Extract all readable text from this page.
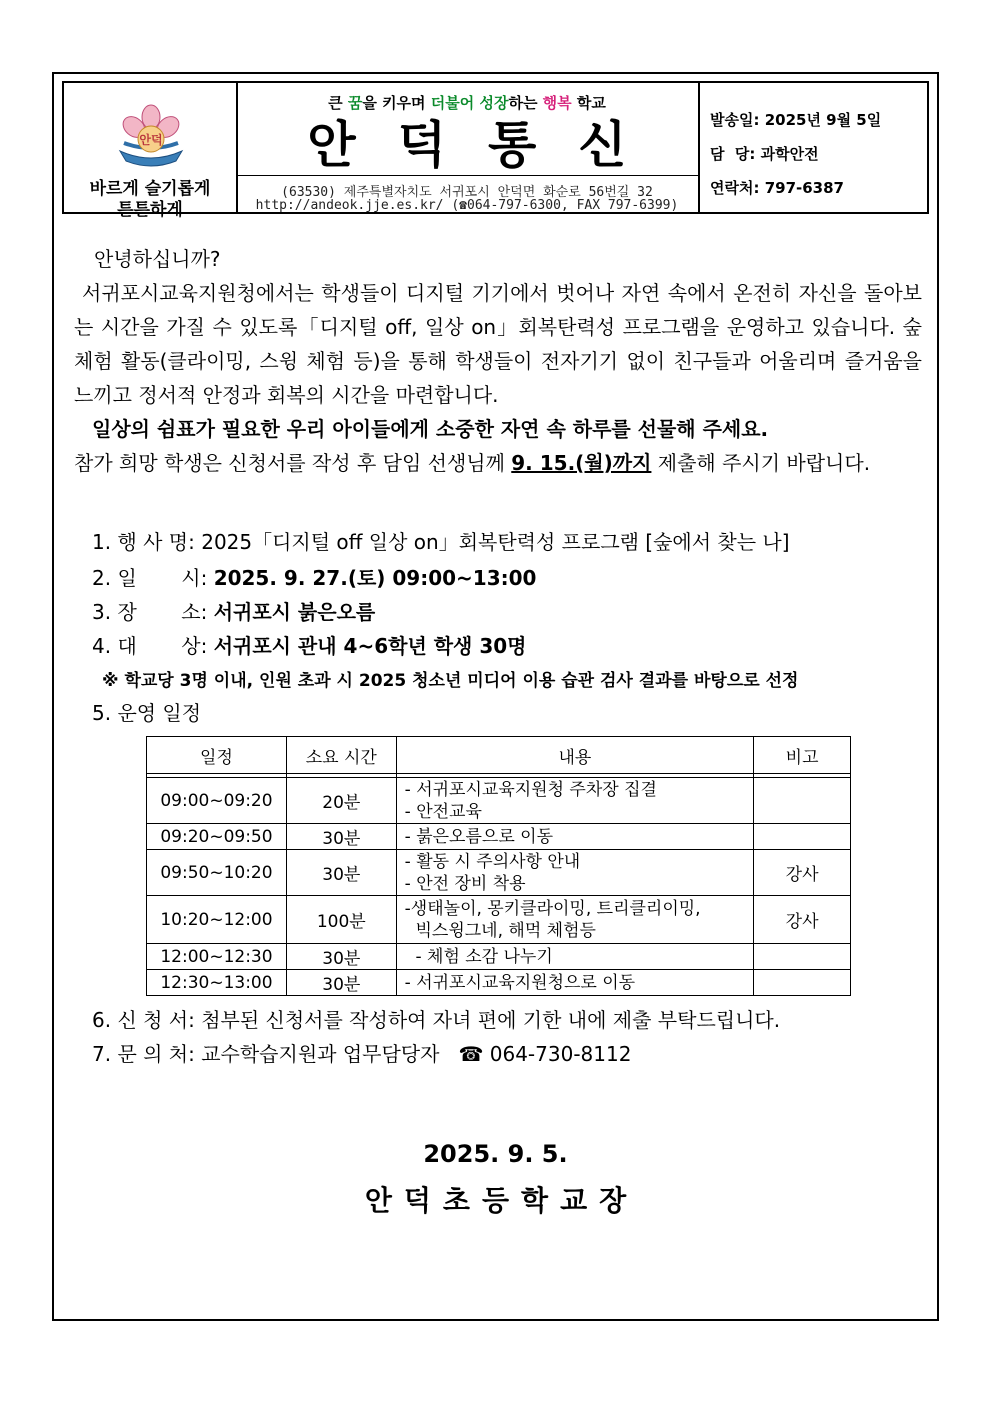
안덕
바르게 슬기롭게
튼튼하게
큰 꿈을 키우며 더불어 성장하는 행복 학교
안덕통신
(63530) 제주특별자치도 서귀포시 안덕면 화순로 56번길 32
http://andeok.jje.es.kr/ (☎064-797-6300, FAX 797-6399)
발송일: 2025년 9월 5일
담  당: 과학안전
연락처: 797-6387
안녕하십니까?
서귀포시교육지원청에서는 학생들이 디지털 기기에서 벗어나 자연 속에서 온전히 자신을 돌아보는 시간을 가질 수 있도록「디지털 off, 일상 on」회복탄력성 프로그램을 운영하고 있습니다. 숲 체험 활동(클라이밍, 스윙 체험 등)을 통해 학생들이 전자기기 없이 친구들과 어울리며 즐거움을 느끼고 정서적 안정과 회복의 시간을 마련합니다.
일상의 쉼표가 필요한 우리 아이들에게 소중한 자연 속 하루를 선물해 주세요.
참가 희망 학생은 신청서를 작성 후 담임 선생님께 9. 15.(월)까지 제출해 주시기 바랍니다.
1. 행 사 명: 2025「디지털 off 일상 on」회복탄력성 프로그램 [숲에서 찾는 나]
2. 일       시: 2025. 9. 27.(토) 09:00~13:00
3. 장       소: 서귀포시 붉은오름
4. 대       상: 서귀포시 관내 4~6학년 학생 30명
※ 학교당 3명 이내, 인원 초과 시 2025 청소년 미디어 이용 습관 검사 결과를 바탕으로 선정
5. 운영 일정
일정	소요 시간	내용	비고

09:00~09:20	20분	- 서귀포시교육지원청 주차장 집결
- 안전교육	

09:20~09:50	30분	- 붉은오름으로 이동	

09:50~10:20	30분	- 활동 시 주의사항 안내
- 안전 장비 착용	강사
10:20~12:00	100분	-생태놀이, 몽키클라이밍, 트리클리이밍,
빅스윙그네, 해먹 체험등	강사
12:00~12:30	30분	- 체험 소감 나누기	

12:30~13:00	30분	- 서귀포시교육지원청으로 이동	

6. 신 청 서: 첨부된 신청서를 작성하여 자녀 편에 기한 내에 제출 부탁드립니다.
7. 문 의 처: 교수학습지원과 업무담당자   ☎ 064-730-8112
2025. 9. 5.
안덕초등학교장
